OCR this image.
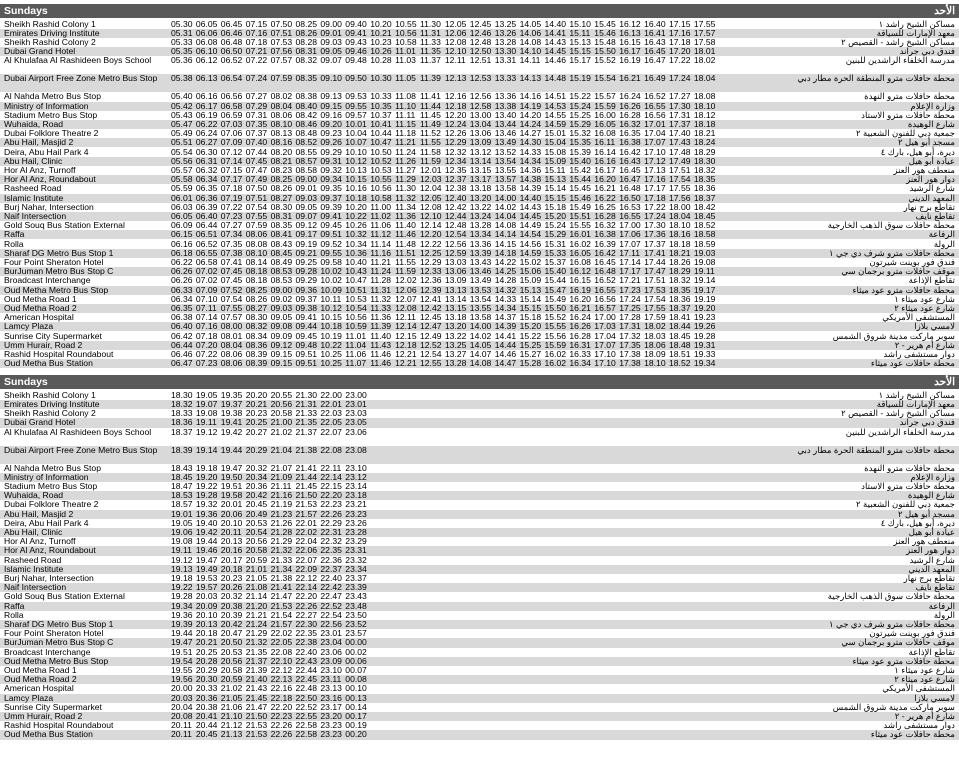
Sundays	الأحد
Sheikh Rashid Colony 1	05.30 06.05 06.45 07.15 07.50 08.25 09.00 09.40 10.20 10.55 11.30 12.05 12.45 13.25 14.05 14.40 15.10 15.45 16.12 16.40 17.15 17.55	مساكن الشيخ راشد ١
Emirates Driving Institute	05.31 06.06 06.46 07.16 07.51 08.26 09.01 09.41 10.21 10.56 11.31 12.06 12.46 13.26 14.06 14.41 15.11 15.46 16.13 16.41 17.16 17.57	معهد الإمارات للسياقة
Sheikh Rashid Colony 2	05.33 06.08 06.48 07.18 07.53 08.28 09.03 09.43 10.23 10.58 11.33 12.08 12.48 13.28 14.08 14.43 15.13 15.48 16.15 16.43 17.18 17.58	مساكن الشيخ راشد - القصيص ٢
Dubai Grand Hotel	05.35 06.10 06.50 07.21 07.56 08.31 09.05 09.46 10.26 11.01 11.35 12.10 12.50 13.30 14.10 14.45 15.15 15.50 16.17 16.45 17.20 18.01	فندق دبي جراند
Al Khulafaa Al Rashideen Boys School	05.36 06.12 06.52 07.22 07.57 08.32 09.07 09.48 10.28 11.03 11.37 12.11 12.51 13.31 14.11 14.46 15.17 15.52 16.19 16.47 17.22 18.02	مدرسة الخلفاء الراشدين للبنين
Dubai Airport Free Zone Metro Bus Stop	05.38 06.13 06.54 07.24 07.59 08.35 09.10 09.50 10.30 11.05 11.39 12.13 12.53 13.33 14.13 14.48 15.19 15.54 16.21 16.49 17.24 18.04	محطة حافلات مترو المنطقة الحرة مطار دبي
Al Nahda Metro Bus Stop	05.40 06.16 06.56 07.27 08.02 08.38 09.13 09.53 10.33 11.08 11.41 12.16 12.56 13.36 14.16 14.51 15.22 15.57 16.24 16.52 17.27 18.08	محطة حافلات مترو النهدة
Ministry of Information	05.42 06.17 06.58 07.29 08.04 08.40 09.15 09.55 10.35 11.10 11.44 12.18 12.58 13.38 14.19 14.53 15.24 15.59 16.26 16.55 17.30 18.10	وزارة الإعلام
Stadium Metro Bus Stop	05.43 06.19 06.59 07.31 08.06 08.42 09.16 09.57 10.37 11.11 11.45 12.20 13.00 13.40 14.20 14.55 15.25 16.00 16.28 16.56 17.31 18.12	محطة حافلات مترو الاستاد
Wuhaida, Road	05.47 06.22 07.03 07.35 08.10 08.46 09.20 10.01 10.41 11.15 11.49 12.24 13.04 13.44 14.24 14.59 15.29 16.05 16.32 17.01 17.37 18.18	شارع الوهيدة
Dubai Folklore Theatre 2	05.49 06.24 07.06 07.37 08.13 08.48 09.23 10.04 10.44 11.18 11.52 12.26 13.06 13.46 14.27 15.01 15.32 16.08 16.35 17.04 17.40 18.21	جمعية دبي للفنون الشعبية ٢
Abu Hail, Masjid 2	05.51 06.27 07.09 07.40 08.16 08.52 09.26 10.07 10.47 11.21 11.55 12.29 13.09 13.49 14.30 15.04 15.35 16.11 16.38 17.07 17.43 18.24	مسجد أبو هيل ٢
Deira, Abu Hail Park 4	05.54 06.30 07.12 07.44 08.20 08.55 09.29 10.10 10.50 11.24 11.58 12.32 13.12 13.52 14.33 15.08 15.39 16.14 16.42 17.10 17.48 18.29	ديرة، أبو هيل، بارك ٤
Abu Hail, Clinic	05.56 06.31 07.14 07.45 08.21 08.57 09.31 10.12 10.52 11.26 11.59 12.34 13.14 13.54 14.34 15.09 15.40 16.16 16.43 17.12 17.49 18.30	عيادة أبو هيل
Hor Al Anz, Turnoff	05.57 06.32 07.15 07.47 08.23 08.58 09.32 10.13 10.53 11.27 12.01 12.35 13.15 13.55 14.36 15.11 15.42 16.17 16.45 17.13 17.51 18.32	منعطف هور العنز
Hor Al Anz, Roundabout	05.58 06.34 07.17 07.49 08.25 09.00 09.34 10.15 10.55 11.29 12.03 12.37 13.17 13.57 14.38 15.13 15.44 16.20 16.47 17.16 17.54 18.35	دوار هور العنز
Rasheed Road	05.59 06.35 07.18 07.50 08.26 09.01 09.35 10.16 10.56 11.30 12.04 12.38 13.18 13.58 14.39 15.14 15.45 16.21 16.48 17.17 17.55 18.36	شارع الرشيد
Islamic Institute	06.01 06.36 07.19 07.51 08.27 09.03 09.37 10.18 10.58 11.32 12.05 12.40 13.20 14.00 14.40 15.15 15.46 16.22 16.50 17.18 17.56 18.37	المعهد الديني
Burj Nahar, Intersection	06.03 06.39 07.22 07.54 08.30 09.05 09.39 10.20 11.00 11.34 12.08 12.42 13.22 14.02 14.43 15.18 15.49 16.25 16.53 17.22 18.00 18.42	تقاطع برج نهار
Naif Intersection	06.05 06.40 07.23 07.55 08.31 09.07 09.41 10.22 11.02 11.36 12.10 12.44 13.24 14.04 14.45 15.20 15.51 16.28 16.55 17.24 18.04 18.45	تقاطع نايف
Gold Souq Bus Station External	06.09 06.44 07.27 07.59 08.35 09.12 09.45 10.26 11.06 11.40 12.14 12.48 13.28 14.08 14.49 15.24 15.55 16.32 17.00 17.30 18.10 18.52	محطة حافلات سوق الذهب الخارجية
Raffa	06.15 06.51 07.34 08.06 08.41 09.17 09.51 10.32 11.12 11.46 12.20 12.54 13.34 14.14 14.54 15.29 16.01 16.38 17.06 17.36 18.16 18.58	الرفاعة
Rolla	06.16 06.52 07.35 08.08 08.43 09.19 09.52 10.34 11.14 11.48 12.22 12.56 13.36 14.15 14.56 15.31 16.02 16.39 17.07 17.37 18.18 18.59	الرولة
Sharaf DG Metro Bus Stop 1	06.18 06.55 07.38 08.10 08.45 09.21 09.55 10.36 11.16 11.51 12.25 12.59 13.39 14.18 14.59 15.33 16.05 16.42 17.11 17.41 18.21 19.03	محطة حافلات مترو شرف دي جي ١
Four Point Sheraton Hotel	06.22 06.58 07.41 08.14 08.49 09.25 09.58 10.40 11.21 11.55 12.29 13.03 13.43 14.22 15.02 15.37 16.08 16.45 17.14 17.44 18.26 19.08	فندق فور بوينت شيرتون
BurJuman Metro Bus Stop C	06.26 07.02 07.45 08.18 08.53 09.28 10.02 10.43 11.24 11.59 12.33 13.06 13.46 14.25 15.06 15.40 16.12 16.48 17.17 17.47 18.29 19.11	موقف حافلات مترو برجمان سي
Broadcast Interchange	06.26 07.02 07.45 08.18 08.53 09.29 10.02 10.47 11.28 12.02 12.36 13.09 13.49 14.28 15.09 15.44 16.15 16.52 17.21 17.51 18.32 19.14	تقاطع الإذاعة
Oud Metha Metro Bus Stop	06.33 07.09 07.52 08.25 09.00 09.36 10.09 10.51 11.31 12.06 12.39 13.13 13.53 14.32 15.13 15.47 16.19 16.55 17.23 17.53 18.35 19.17	محطة حافلات مترو عود ميثاء
Oud Metha Road 1	06.34 07.10 07.54 08.26 09.02 09.37 10.11 10.53 11.32 12.07 12.41 13.14 13.54 14.33 15.14 15.49 16.20 16.56 17.24 17.54 18.36 19.19	شارع عود ميثاء ١
Oud Metha Road 2	06.35 07.11 07.55 08.27 09.03 09.38 10.12 10.54 11.33 12.08 12.42 13.15 13.55 14.34 15.15 15.50 16.21 16.57 17.25 17.55 18.37 19.20	شارع عود ميثاء ٢
American Hospital	06.38 07.14 07.57 08.30 09.05 09.41 10.15 10.56 11.36 12.11 12.45 13.18 13.58 14.37 15.18 15.52 16.24 17.00 17.28 17.59 18.41 19.23	المستشفى الأمريكي
Lamcy Plaza	06.40 07.16 08.00 08.32 09.08 09.44 10.18 10.59 11.39 12.14 12.47 13.20 14.00 14.39 15.20 15.55 16.26 17.03 17.31 18.02 18.44 19.26	لامسي بلازا
Sunrise City Supermarket	06.42 07.18 08.01 08.34 09.09 09.45 10.19 11.01 11.40 12.15 12.49 13.22 14.02 14.41 15.22 15.56 16.28 17.04 17.32 18.03 18.45 19.28	سوبر ماركت مدينة شروق الشمس
Umm Hurair, Road 2	06.44 07.20 08.04 08.36 09.12 09.48 10.22 11.04 11.43 12.18 12.52 13.25 14.05 14.44 15.25 15.59 16.31 17.07 17.35 18.06 18.48 19.31	شارع أم هرير - ٢
Rashid Hospital Roundabout	06.46 07.22 08.06 08.39 09.15 09.51 10.25 11.06 11.46 12.21 12.54 13.27 14.07 14.46 15.27 16.02 16.33 17.10 17.38 18.09 18.51 19.33	دوار مستشفى راشد
Oud Metha Bus Station	06.47 07.23 08.06 08.39 09.15 09.51 10.25 11.07 11.46 12.21 12.55 13.28 14.08 14.47 15.28 16.02 16.34 17.10 17.38 18.10 18.52 19.34	محطة حافلات عود ميثاء
Sundays	الأحد
Sheikh Rashid Colony 1	18.30 19.05 19.35 20.20 20.55 21.30 22.00 23.00	مساكن الشيخ راشد ١
Emirates Driving Institute	18.32 19.07 19.37 20.21 20.56 21.31 22.01 23.01	معهد الإمارات للسياقة
Sheikh Rashid Colony 2	18.33 19.08 19.38 20.23 20.58 21.33 22.03 23.03	مساكن الشيخ راشد - القصيص ٢
Dubai Grand Hotel	18.36 19.11 19.41 20.25 21.00 21.35 22.05 23.05	فندق دبي جراند
Al Khulafaa Al Rashideen Boys School	18.37 19.12 19.42 20.27 21.02 21.37 22.07 23.06	مدرسة الخلفاء الراشدين للبنين
Dubai Airport Free Zone Metro Bus Stop	18.39 19.14 19.44 20.29 21.04 21.38 22.08 23.08	محطة حافلات مترو المنطقة الحرة مطار دبي
Al Nahda Metro Bus Stop	18.43 19.18 19.47 20.32 21.07 21.41 22.11 23.10	محطة حافلات مترو النهدة
Ministry of Information	18.45 19.20 19.50 20.34 21.09 21.44 22.14 23.12	وزارة الإعلام
Stadium Metro Bus Stop	18.47 19.22 19.51 20.36 21.11 21.45 22.15 23.14	محطة حافلات مترو الاستاد
Wuhaida, Road	18.53 19.28 19.58 20.42 21.16 21.50 22.20 23.18	شارع الوهيدة
Dubai Folklore Theatre 2	18.57 19.32 20.01 20.45 21.19 21.53 22.23 23.21	جمعية دبي للفنون الشعبية ٢
Abu Hail, Masjid 2	19.01 19.36 20.06 20.49 21.23 21.57 22.26 23.23	مسجد أبو هيل ٢
Deira, Abu Hail Park 4	19.05 19.40 20.10 20.53 21.26 22.01 22.29 23.26	ديرة، أبو هيل، بارك ٤
Abu Hail, Clinic	19.06 19.42 20.11 20.54 21.28 22.02 22.31 23.28	عيادة أبو هيل
Hor Al Anz, Turnoff	19.08 19.44 20.13 20.56 21.29 22.04 22.32 23.29	منعطف هور العنز
Hor Al Anz, Roundabout	19.11 19.46 20.16 20.58 21.32 22.06 22.35 23.31	دوار هور العنز
Rasheed Road	19.12 19.47 20.17 20.59 21.33 22.07 22.36 23.32	شارع الرشيد
Islamic Institute	19.13 19.49 20.18 21.01 21.34 22.09 22.37 23.34	المعهد الديني
Burj Nahar, Intersection	19.18 19.53 20.23 21.05 21.38 22.12 22.40 23.37	تقاطع برج نهار
Naif Intersection	19.22 19.57 20.26 21.08 21.41 22.14 22.42 23.39	تقاطع نايف
Gold Souq Bus Station External	19.28 20.03 20.32 21.14 21.47 22.20 22.47 23.43	محطة حافلات سوق الذهب الخارجية
Raffa	19.34 20.09 20.38 21.20 21.53 22.26 22.52 23.48	الرفاعة
Rolla	19.36 20.10 20.39 21.21 21.54 22.27 22.54 23.50	الرولة
Sharaf DG Metro Bus Stop 1	19.39 20.13 20.42 21.24 21.57 22.30 22.56 23.52	محطة حافلات مترو شرف دي جي ١
Four Point Sheraton Hotel	19.44 20.18 20.47 21.29 22.02 22.35 23.01 23.57	فندق فور بوينت شيرتون
BurJuman Metro Bus Stop C	19.47 20.21 20.50 21.32 22.05 22.38 23.04 00.00	موقف حافلات مترو برجمان سي
Broadcast Interchange	19.51 20.25 20.53 21.35 22.08 22.40 23.06 00.02	تقاطع الإذاعة
Oud Metha Metro Bus Stop	19.54 20.28 20.56 21.37 22.10 22.43 23.09 00.06	محطة حافلات مترو عود ميثاء
Oud Metha Road 1	19.55 20.29 20.58 21.39 22.12 22.44 23.10 00.07	شارع عود ميثاء ١
Oud Metha Road 2	19.56 20.30 20.59 21.40 22.13 22.45 23.11 00.08	شارع عود ميثاء ٢
American Hospital	20.00 20.33 21.02 21.43 22.16 22.48 23.13 00.10	المستشفى الأمريكي
Lamcy Plaza	20.03 20.36 21.05 21.45 22.18 22.50 23.16 00.13	لامسي بلازا
Sunrise City Supermarket	20.04 20.38 21.06 21.47 22.20 22.52 23.17 00.14	سوبر ماركت مدينة شروق الشمس
Umm Hurair, Road 2	20.08 20.41 21.10 21.50 22.23 22.55 23.20 00.17	شارع أم هرير - ٢
Rashid Hospital Roundabout	20.11 20.44 21.12 21.53 22.26 22.58 23.23 00.19	دوار مستشفى راشد
Oud Metha Bus Station	20.11 20.45 21.13 21.53 22.26 22.58 23.23 00.20	محطة حافلات عود ميثاء
